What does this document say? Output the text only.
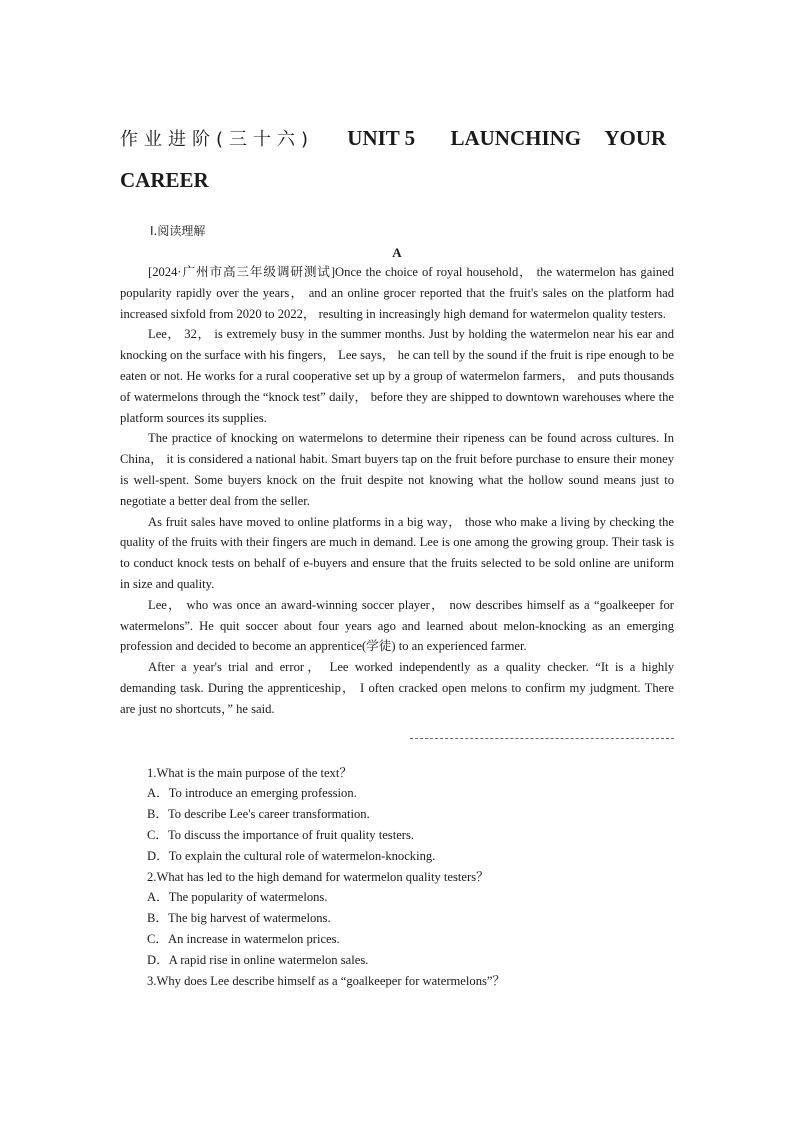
作业进阶(三十六) UNIT 5 LAUNCHING YOUR
CAREER
Ⅰ.阅读理解
A

[2024·广州市高三年级调研测试]Once the choice of royal household， the watermelon has gained popularity rapidly over the years， and an online grocer reported that the fruit's sales on the platform had increased sixfold from 2020 to 2022， resulting in increasingly high demand for watermelon quality testers.

Lee， 32， is extremely busy in the summer months. Just by holding the watermelon near his ear and knocking on the surface with his fingers， Lee says， he can tell by the sound if the fruit is ripe enough to be eaten or not. He works for a rural cooperative set up by a group of watermelon farmers， and puts thousands of watermelons through the “knock test” daily， before they are shipped to downtown warehouses where the platform sources its supplies.

The practice of knocking on watermelons to determine their ripeness can be found across cultures. In China， it is considered a national habit. Smart buyers tap on the fruit before purchase to ensure their money is well-spent. Some buyers knock on the fruit despite not knowing what the hollow sound means just to negotiate a better deal from the seller.

As fruit sales have moved to online platforms in a big way， those who make a living by checking the quality of the fruits with their fingers are much in demand. Lee is one among the growing group. Their task is to conduct knock tests on behalf of e-buyers and ensure that the fruits selected to be sold online are uniform in size and quality.

Lee， who was once an award-winning soccer player， now describes himself as a “goalkeeper for watermelons”. He quit soccer about four years ago and learned about melon-knocking as an emerging profession and decided to become an apprentice(学徒) to an experienced farmer.

After a year's trial and error， Lee worked independently as a quality checker. “It is a highly demanding task. During the apprenticeship， I often cracked open melons to confirm my judgment. There are just no shortcuts，” he said.

1.What is the main purpose of the text？

A．To introduce an emerging profession.

B．To describe Lee's career transformation.

C．To discuss the importance of fruit quality testers.

D．To explain the cultural role of watermelon-knocking.

2.What has led to the high demand for watermelon quality testers？

A．The popularity of watermelons.

B．The big harvest of watermelons.

C．An increase in watermelon prices.

D．A rapid rise in online watermelon sales.

3.Why does Lee describe himself as a “goalkeeper for watermelons”？
